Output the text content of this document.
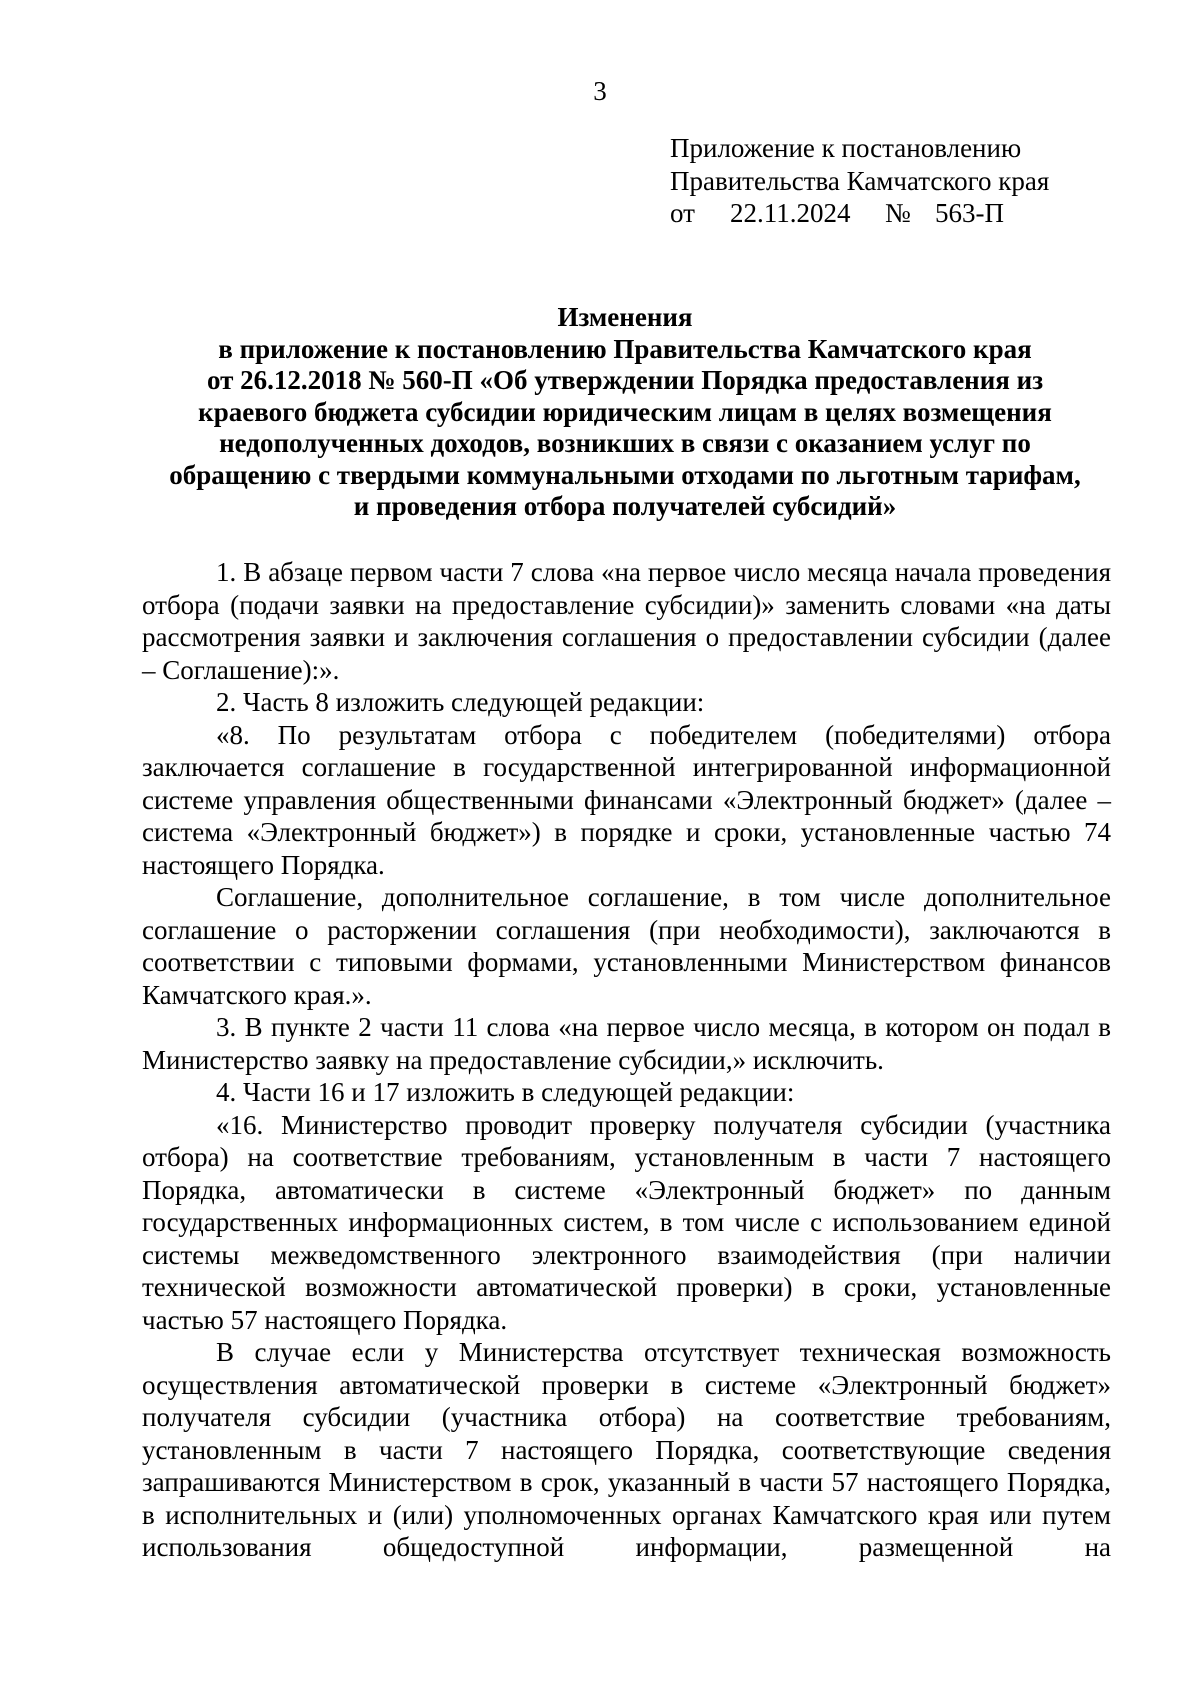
3
Приложение к постановлению
Правительства Камчатского края
от 22.11.2024 № 563-П
Изменения
в приложение к постановлению Правительства Камчатского края
от 26.12.2018 № 560-П «Об утверждении Порядка предоставления из
краевого бюджета субсидии юридическим лицам в целях возмещения
недополученных доходов, возникших в связи с оказанием услуг по
обращению с твердыми коммунальными отходами по льготным тарифам,
и проведения отбора получателей субсидий»

1. В абзаце первом части 7 слова «на первое число месяца начала проведения отбора (подачи заявки на предоставление субсидии)» заменить словами «на даты рассмотрения заявки и заключения соглашения о предоставлении субсидии (далее – Соглашение):».

2. Часть 8 изложить следующей редакции:

«8. По результатам отбора с победителем (победителями) отбора заключается соглашение в государственной интегрированной информационной системе управления общественными финансами «Электронный бюджет» (далее – система «Электронный бюджет») в порядке и сроки, установленные частью 74 настоящего Порядка.

Соглашение, дополнительное соглашение, в том числе дополнительное соглашение о расторжении соглашения (при необходимости), заключаются в соответствии с типовыми формами, установленными Министерством финансов Камчатского края.».

3. В пункте 2 части 11 слова «на первое число месяца, в котором он подал в Министерство заявку на предоставление субсидии,» исключить.

4. Части 16 и 17 изложить в следующей редакции:

«16. Министерство проводит проверку получателя субсидии (участника отбора) на соответствие требованиям, установленным в части 7 настоящего Порядка, автоматически в системе «Электронный бюджет» по данным государственных информационных систем, в том числе с использованием единой системы межведомственного электронного взаимодействия (при наличии технической возможности автоматической проверки) в сроки, установленные частью 57 настоящего Порядка.

В случае если у Министерства отсутствует техническая возможность осуществления автоматической проверки в системе «Электронный бюджет» получателя субсидии (участника отбора) на соответствие требованиям, установленным в части 7 настоящего Порядка, соответствующие сведения запрашиваются Министерством в срок, указанный в части 57 настоящего Порядка, в исполнительных и (или) уполномоченных органах Камчатского края или путем использования общедоступной информации, размещенной на
